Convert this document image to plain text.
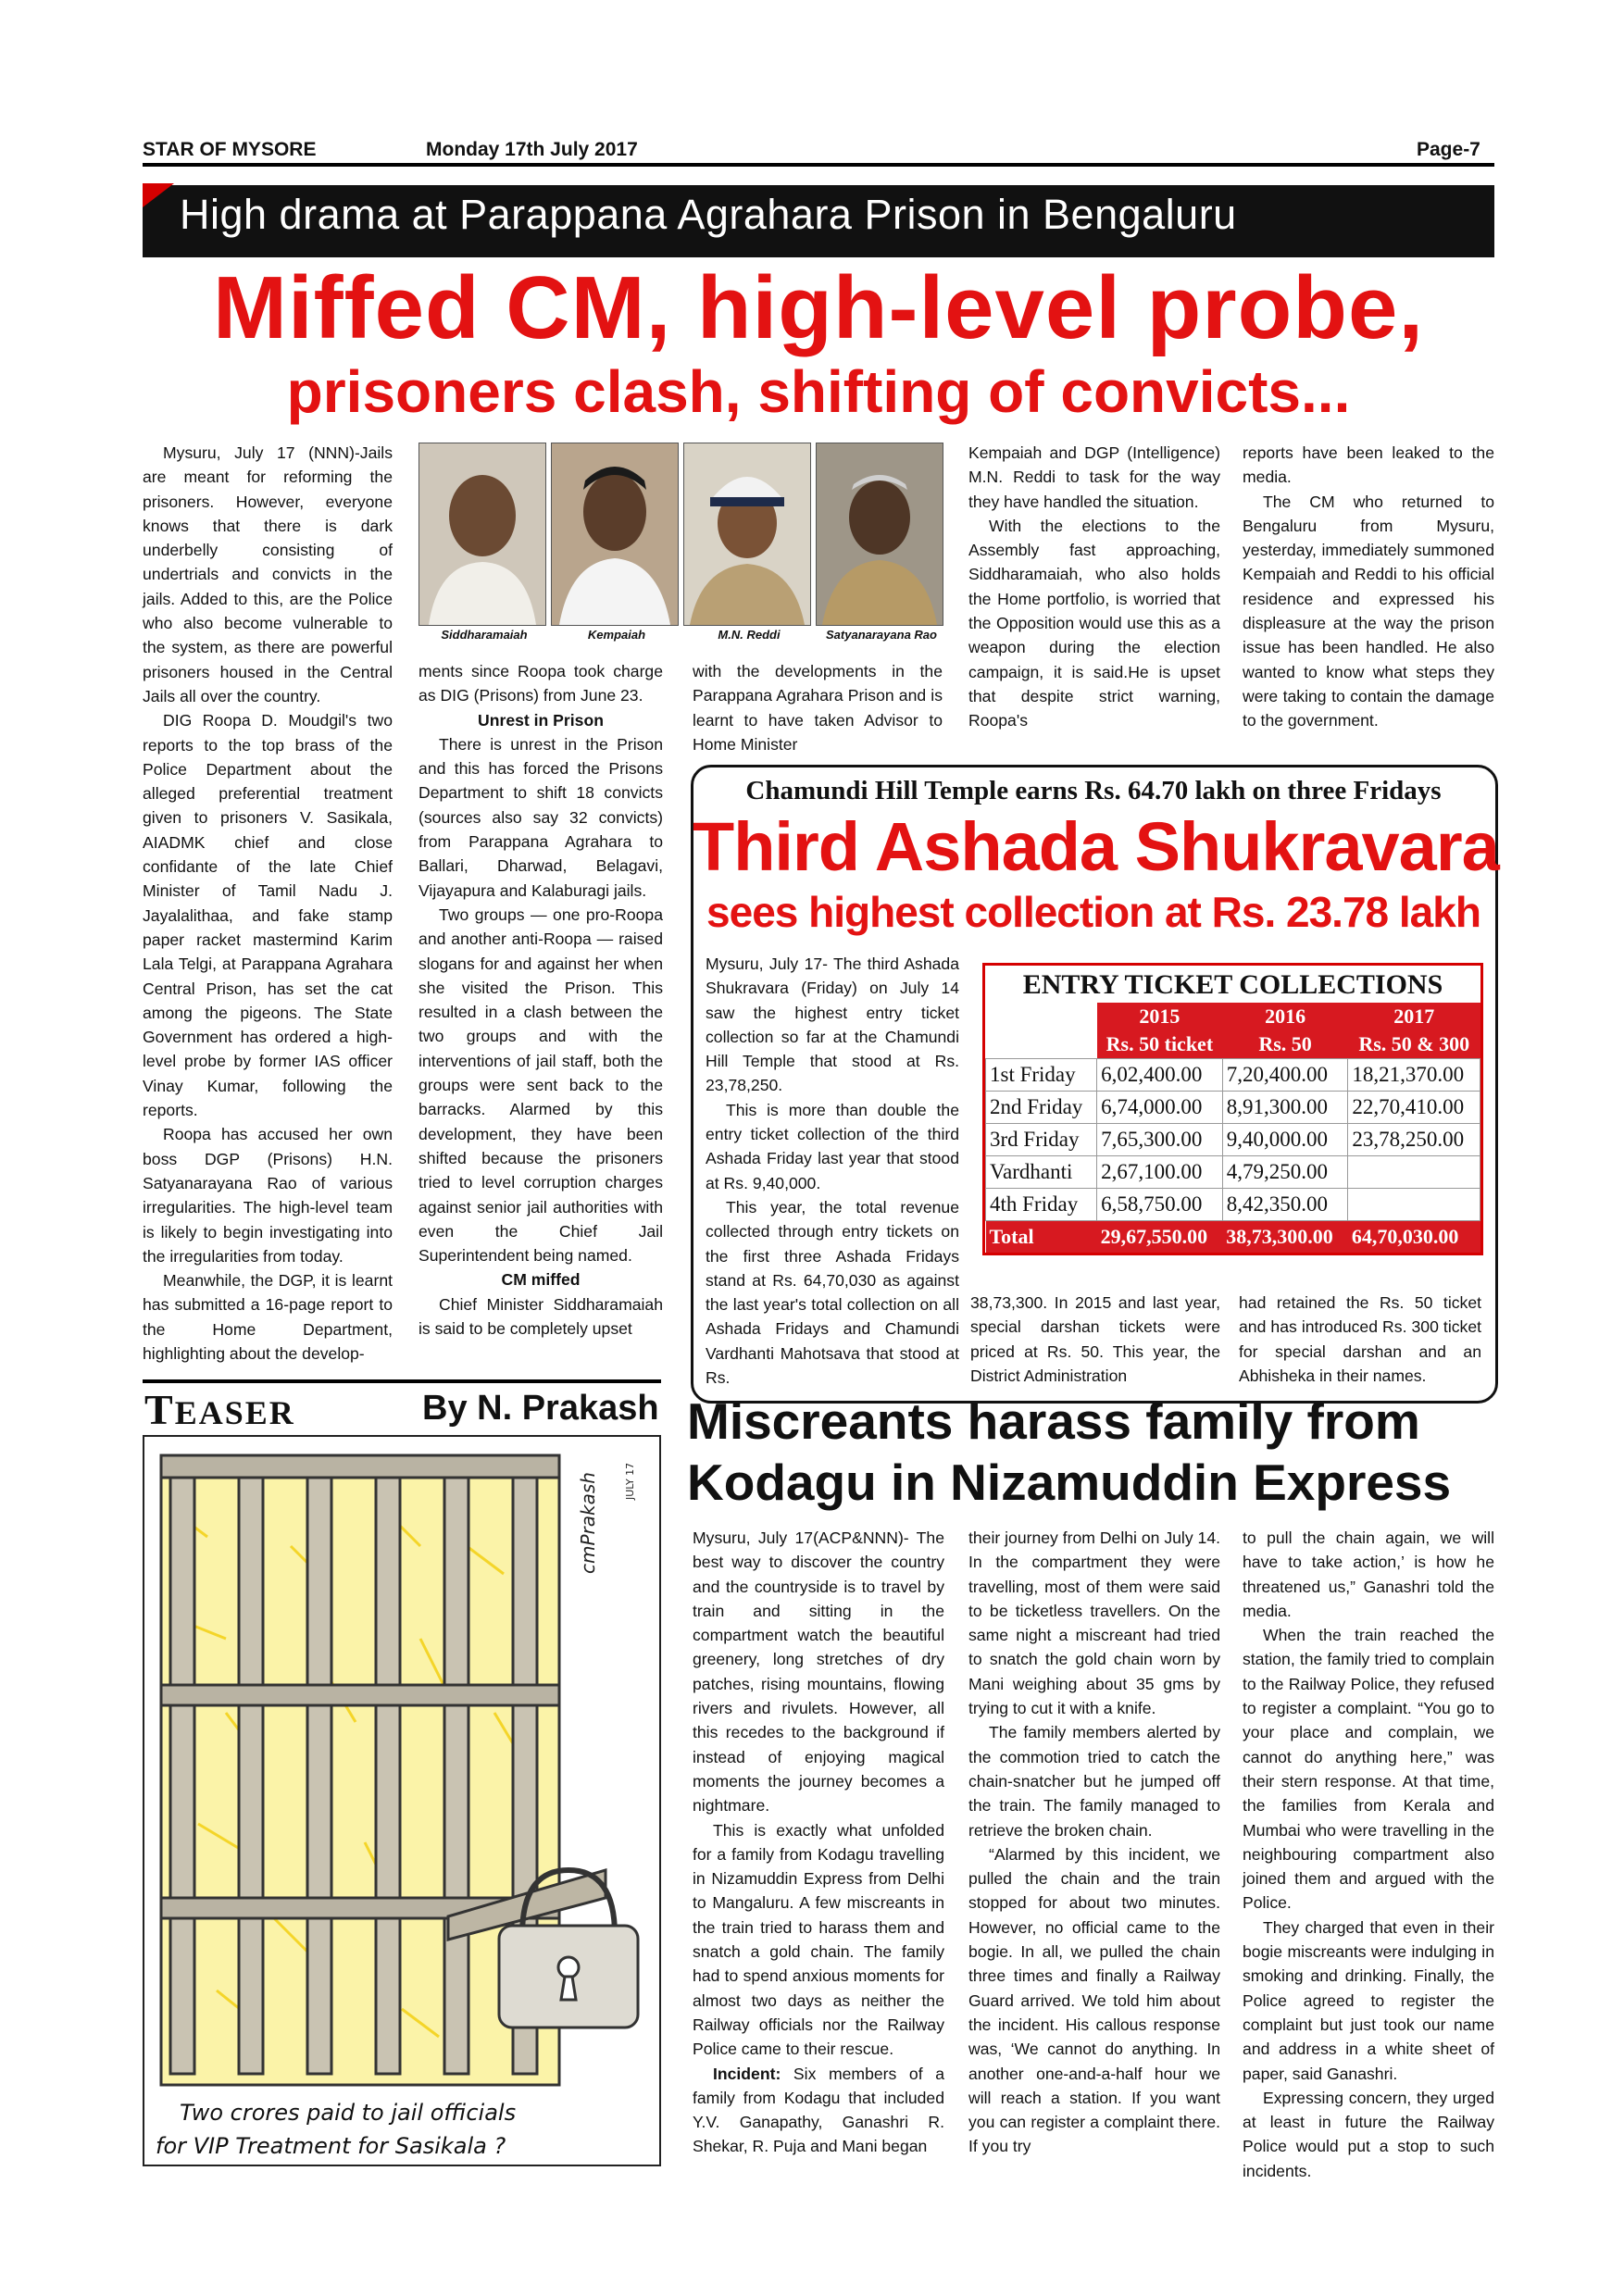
STAR OF MYSORE	Monday 17th July 2017	Page-7
High drama at Parappana Agrahara Prison in Bengaluru
Miffed CM, high-level probe,
prisoners clash, shifting of convicts...

Mysuru, July 17 (NNN)-Jails are meant for reforming the prisoners. However, everyone knows that there is dark underbelly consisting of undertrials and convicts in the jails. Added to this, are the Police who also become vulnerable to the system, as there are powerful prisoners housed in the Central Jails all over the country.

DIG Roopa D. Moudgil's two reports to the top brass of the Police Department about the alleged preferential treatment given to prisoners V. Sasikala, AIADMK chief and close confidante of the late Chief Minister of Tamil Nadu J. Jayalalithaa, and fake stamp paper racket mastermind Karim Lala Telgi, at Parappana Agrahara Central Prison, has set the cat among the pigeons. The State Government has ordered a high-level probe by former IAS officer Vinay Kumar, following the reports.

Roopa has accused her own boss DGP (Prisons) H.N. Satyanarayana Rao of various irregularities. The high-level team is likely to begin investigating into the irregularities from today.

Meanwhile, the DGP, it is learnt has submitted a 16-page report to the Home Department, highlighting about the develop-

Siddharamaiah	Kempaiah	M.N. Reddi	Satyanarayana Rao

ments since Roopa took charge as DIG (Prisons) from June 23.

Unrest in Prison

There is unrest in the Prison and this has forced the Prisons Department to shift 18 convicts (sources also say 32 convicts) from Parappana Agrahara to Ballari, Dharwad, Belagavi, Vijayapura and Kalaburagi jails.

Two groups — one pro-Roopa and another anti-Roopa — raised slogans for and against her when she visited the Prison. This resulted in a clash between the two groups and with the interventions of jail staff, both the groups were sent back to the barracks. Alarmed by this development, they have been shifted because the prisoners tried to level corruption charges against senior jail authorities with even the Chief Jail Superintendent being named.

CM miffed

Chief Minister Siddharamaiah is said to be completely upset

with the developments in the Parappana Agrahara Prison and is learnt to have taken Advisor to Home Minister

Kempaiah and DGP (Intelligence) M.N. Reddi to task for the way they have handled the situation.

With the elections to the Assembly fast approaching, Siddharamaiah, who also holds the Home portfolio, is worried that the Opposition would use this as a weapon during the election campaign, it is said.He is upset that despite strict warning, Roopa's

reports have been leaked to the media.

The CM who returned to Bengaluru from Mysuru, yesterday, immediately summoned Kempaiah and Reddi to his official residence and expressed his displeasure at the way the prison issue has been handled. He also wanted to know what steps they were taking to contain the damage to the government.

Chamundi Hill Temple earns Rs. 64.70 lakh on three Fridays
Third Ashada Shukravara
sees highest collection at Rs. 23.78 lakh

Mysuru, July 17- The third Ashada Shukravara (Friday) on July 14 saw the highest entry ticket collection so far at the Chamundi Hill Temple that stood at Rs. 23,78,250.

This is more than double the entry ticket collection of the third Ashada Friday last year that stood at Rs. 9,40,000.

This year, the total revenue collected through entry tickets on the first three Ashada Fridays stand at Rs. 64,70,030 as against the last year's total collection on all Ashada Fridays and Chamundi Vardhanti Mahotsava that stood at Rs.

ENTRY TICKET COLLECTIONS
	2015	2016	2017
	Rs. 50 ticket	Rs. 50	Rs. 50 & 300
1st Friday	6,02,400.00	7,20,400.00	18,21,370.00
2nd Friday	6,74,000.00	8,91,300.00	22,70,410.00
3rd Friday	7,65,300.00	9,40,000.00	23,78,250.00
Vardhanti	2,67,100.00	4,79,250.00	
4th Friday	6,58,750.00	8,42,350.00	
Total	29,67,550.00	38,73,300.00	64,70,030.00

38,73,300. In 2015 and last year, special darshan tickets were priced at Rs. 50. This year, the District Administration

had retained the Rs. 50 ticket and has introduced Rs. 300 ticket for special darshan and an Abhisheka in their names.

TEASER	By N. Prakash
cmPrakash JULY 17
Two crores paid to jail officials
for VIP Treatment for Sasikala ?
Miscreants harass family from Kodagu in Nizamuddin Express

Mysuru, July 17(ACP&NNN)- The best way to discover the country and the countryside is to travel by train and sitting in the compartment watch the beautiful greenery, long stretches of dry patches, rising mountains, flowing rivers and rivulets. However, all this recedes to the background if instead of enjoying magical moments the journey becomes a nightmare.

This is exactly what unfolded for a family from Kodagu travelling in Nizamuddin Express from Delhi to Mangaluru. A few miscreants in the train tried to harass them and snatch a gold chain. The family had to spend anxious moments for almost two days as neither the Railway officials nor the Railway Police came to their rescue.

Incident: Six members of a family from Kodagu that included Y.V. Ganapathy, Ganashri R. Shekar, R. Puja and Mani began

their journey from Delhi on July 14. In the compartment they were travelling, most of them were said to be ticketless travellers. On the same night a miscreant had tried to snatch the gold chain worn by Mani weighing about 35 gms by trying to cut it with a knife.

The family members alerted by the commotion tried to catch the chain-snatcher but he jumped off the train. The family managed to retrieve the broken chain.

“Alarmed by this incident, we pulled the chain and the train stopped for about two minutes. However, no official came to the bogie. In all, we pulled the chain three times and finally a Railway Guard arrived. We told him about the incident. His callous response was, ‘We cannot do anything. In another one-and-a-half hour we will reach a station. If you want you can register a complaint there. If you try

to pull the chain again, we will have to take action,’ is how he threatened us,” Ganashri told the media.

When the train reached the station, the family tried to complain to the Railway Police, they refused to register a complaint. “You go to your place and complain, we cannot do anything here,” was their stern response. At that time, the families from Kerala and Mumbai who were travelling in the neighbouring compartment also joined them and argued with the Police.

They charged that even in their bogie miscreants were indulging in smoking and drinking. Finally, the Police agreed to register the complaint but just took our name and address in a white sheet of paper, said Ganashri.

Expressing concern, they urged at least in future the Railway Police would put a stop to such incidents.
